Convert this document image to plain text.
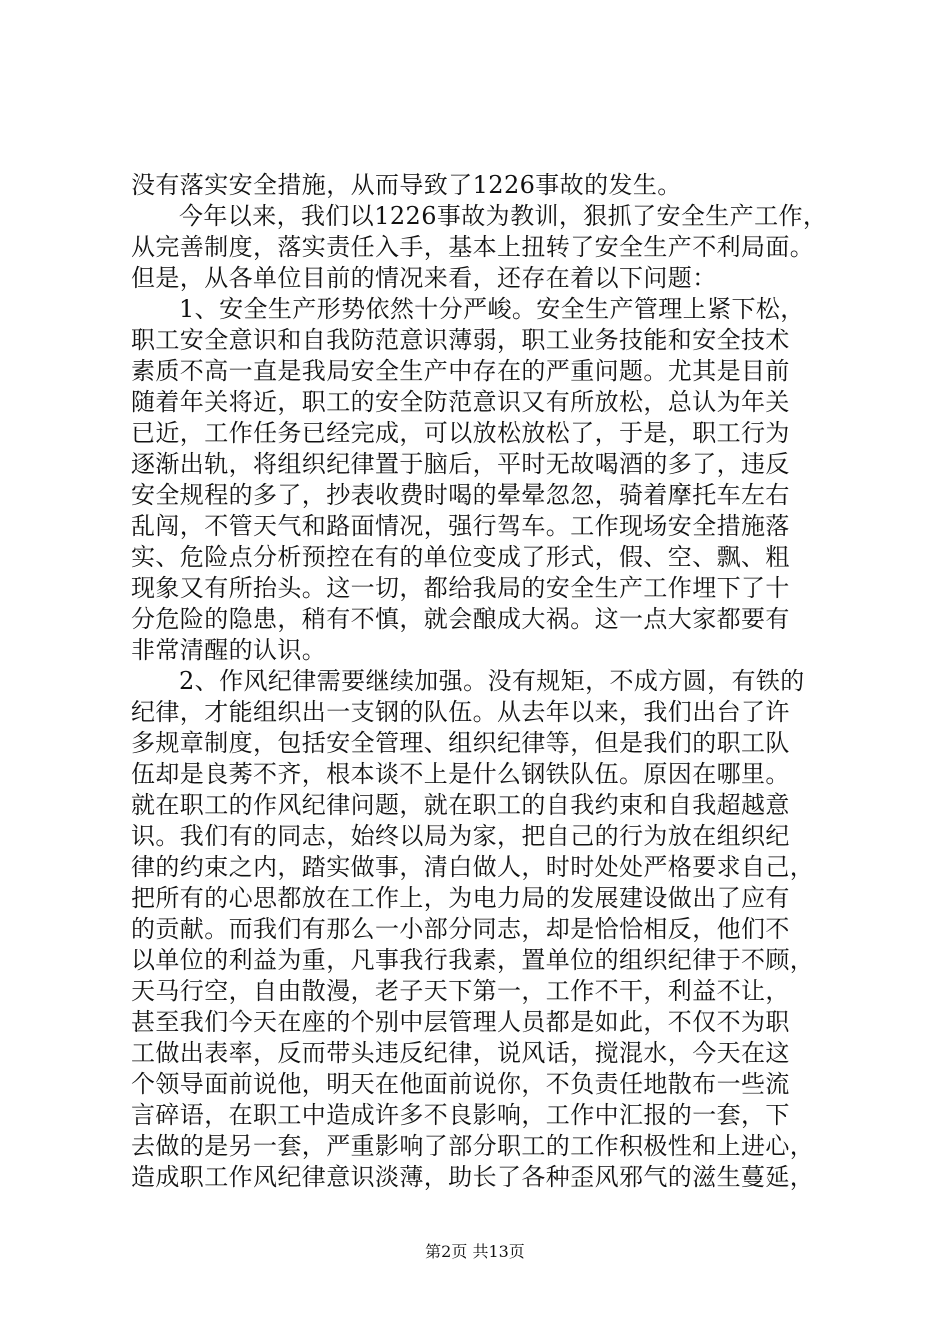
没有落实安全措施，从而导致了1226事故的发生。
今年以来，我们以1226事故为教训，狠抓了安全生产工作，
从完善制度，落实责任入手，基本上扭转了安全生产不利局面。
但是，从各单位目前的情况来看，还存在着以下问题：
1、安全生产形势依然十分严峻。安全生产管理上紧下松，
职工安全意识和自我防范意识薄弱，职工业务技能和安全技术
素质不高一直是我局安全生产中存在的严重问题。尤其是目前
随着年关将近，职工的安全防范意识又有所放松，总认为年关
已近，工作任务已经完成，可以放松放松了，于是，职工行为
逐渐出轨，将组织纪律置于脑后，平时无故喝酒的多了，违反
安全规程的多了，抄表收费时喝的晕晕忽忽，骑着摩托车左右
乱闯，不管天气和路面情况，强行驾车。工作现场安全措施落
实、危险点分析预控在有的单位变成了形式，假、空、飘、粗
现象又有所抬头。这一切，都给我局的安全生产工作埋下了十
分危险的隐患，稍有不慎，就会酿成大祸。这一点大家都要有
非常清醒的认识。
2、作风纪律需要继续加强。没有规矩，不成方圆，有铁的
纪律，才能组织出一支钢的队伍。从去年以来，我们出台了许
多规章制度，包括安全管理、组织纪律等，但是我们的职工队
伍却是良莠不齐，根本谈不上是什么钢铁队伍。原因在哪里。
就在职工的作风纪律问题，就在职工的自我约束和自我超越意
识。我们有的同志，始终以局为家，把自己的行为放在组织纪
律的约束之内，踏实做事，清白做人，时时处处严格要求自己，
把所有的心思都放在工作上，为电力局的发展建设做出了应有
的贡献。而我们有那么一小部分同志，却是恰恰相反，他们不
以单位的利益为重，凡事我行我素，置单位的组织纪律于不顾，
天马行空，自由散漫，老子天下第一，工作不干，利益不让，
甚至我们今天在座的个别中层管理人员都是如此，不仅不为职
工做出表率，反而带头违反纪律，说风话，搅混水，今天在这
个领导面前说他，明天在他面前说你，不负责任地散布一些流
言碎语，在职工中造成许多不良影响，工作中汇报的一套，下
去做的是另一套，严重影响了部分职工的工作积极性和上进心，
造成职工作风纪律意识淡薄，助长了各种歪风邪气的滋生蔓延，
第2页 共13页
